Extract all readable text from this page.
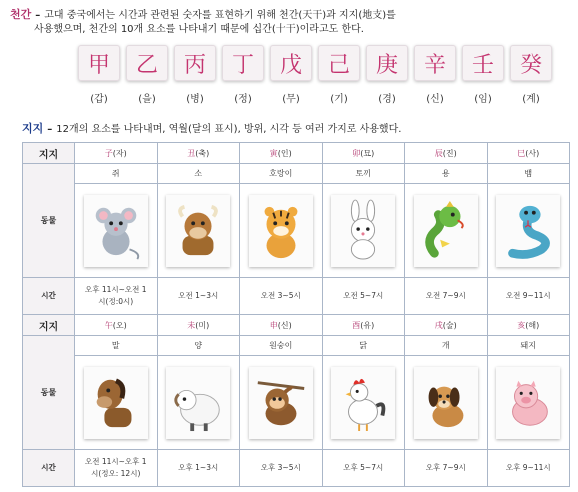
천간 – 고대 중국에서는 시간과 관련된 숫자를 표현하기 위해 천간(天干)과 지지(地支)를
사용했으며, 천간의 10개 요소를 나타내기 때문에 십간(十干)이라고도 한다.
甲	乙	丙	丁	戊	己	庚	辛	壬	癸
(갑)	(을)	(병)	(정)	(무)	(기)	(경)	(신)	(임)	(계)
지지 – 12개의 요소를 나타내며, 역월(달의 표시), 방위, 시각 등 여러 가지로 사용했다.
지지	子(자)	丑(축)	寅(인)	卯(묘)	辰(진)	巳(사)
동물	쥐	소	호랑이	토끼	용	뱀

시간	오후 11시~오전 1
시(정:0시)	오전 1~3시	오전 3~5시	오전 5~7시	오전 7~9시	오전 9~11시

지지	午(오)	未(미)	申(신)	酉(유)	戌(술)	亥(해)
동물	말	양	원숭이	닭	개	돼지

시간	오전 11시~오후 1
시(정오: 12시)	오후 1~3시	오후 3~5시	오후 5~7시	오후 7~9시	오후 9~11시
